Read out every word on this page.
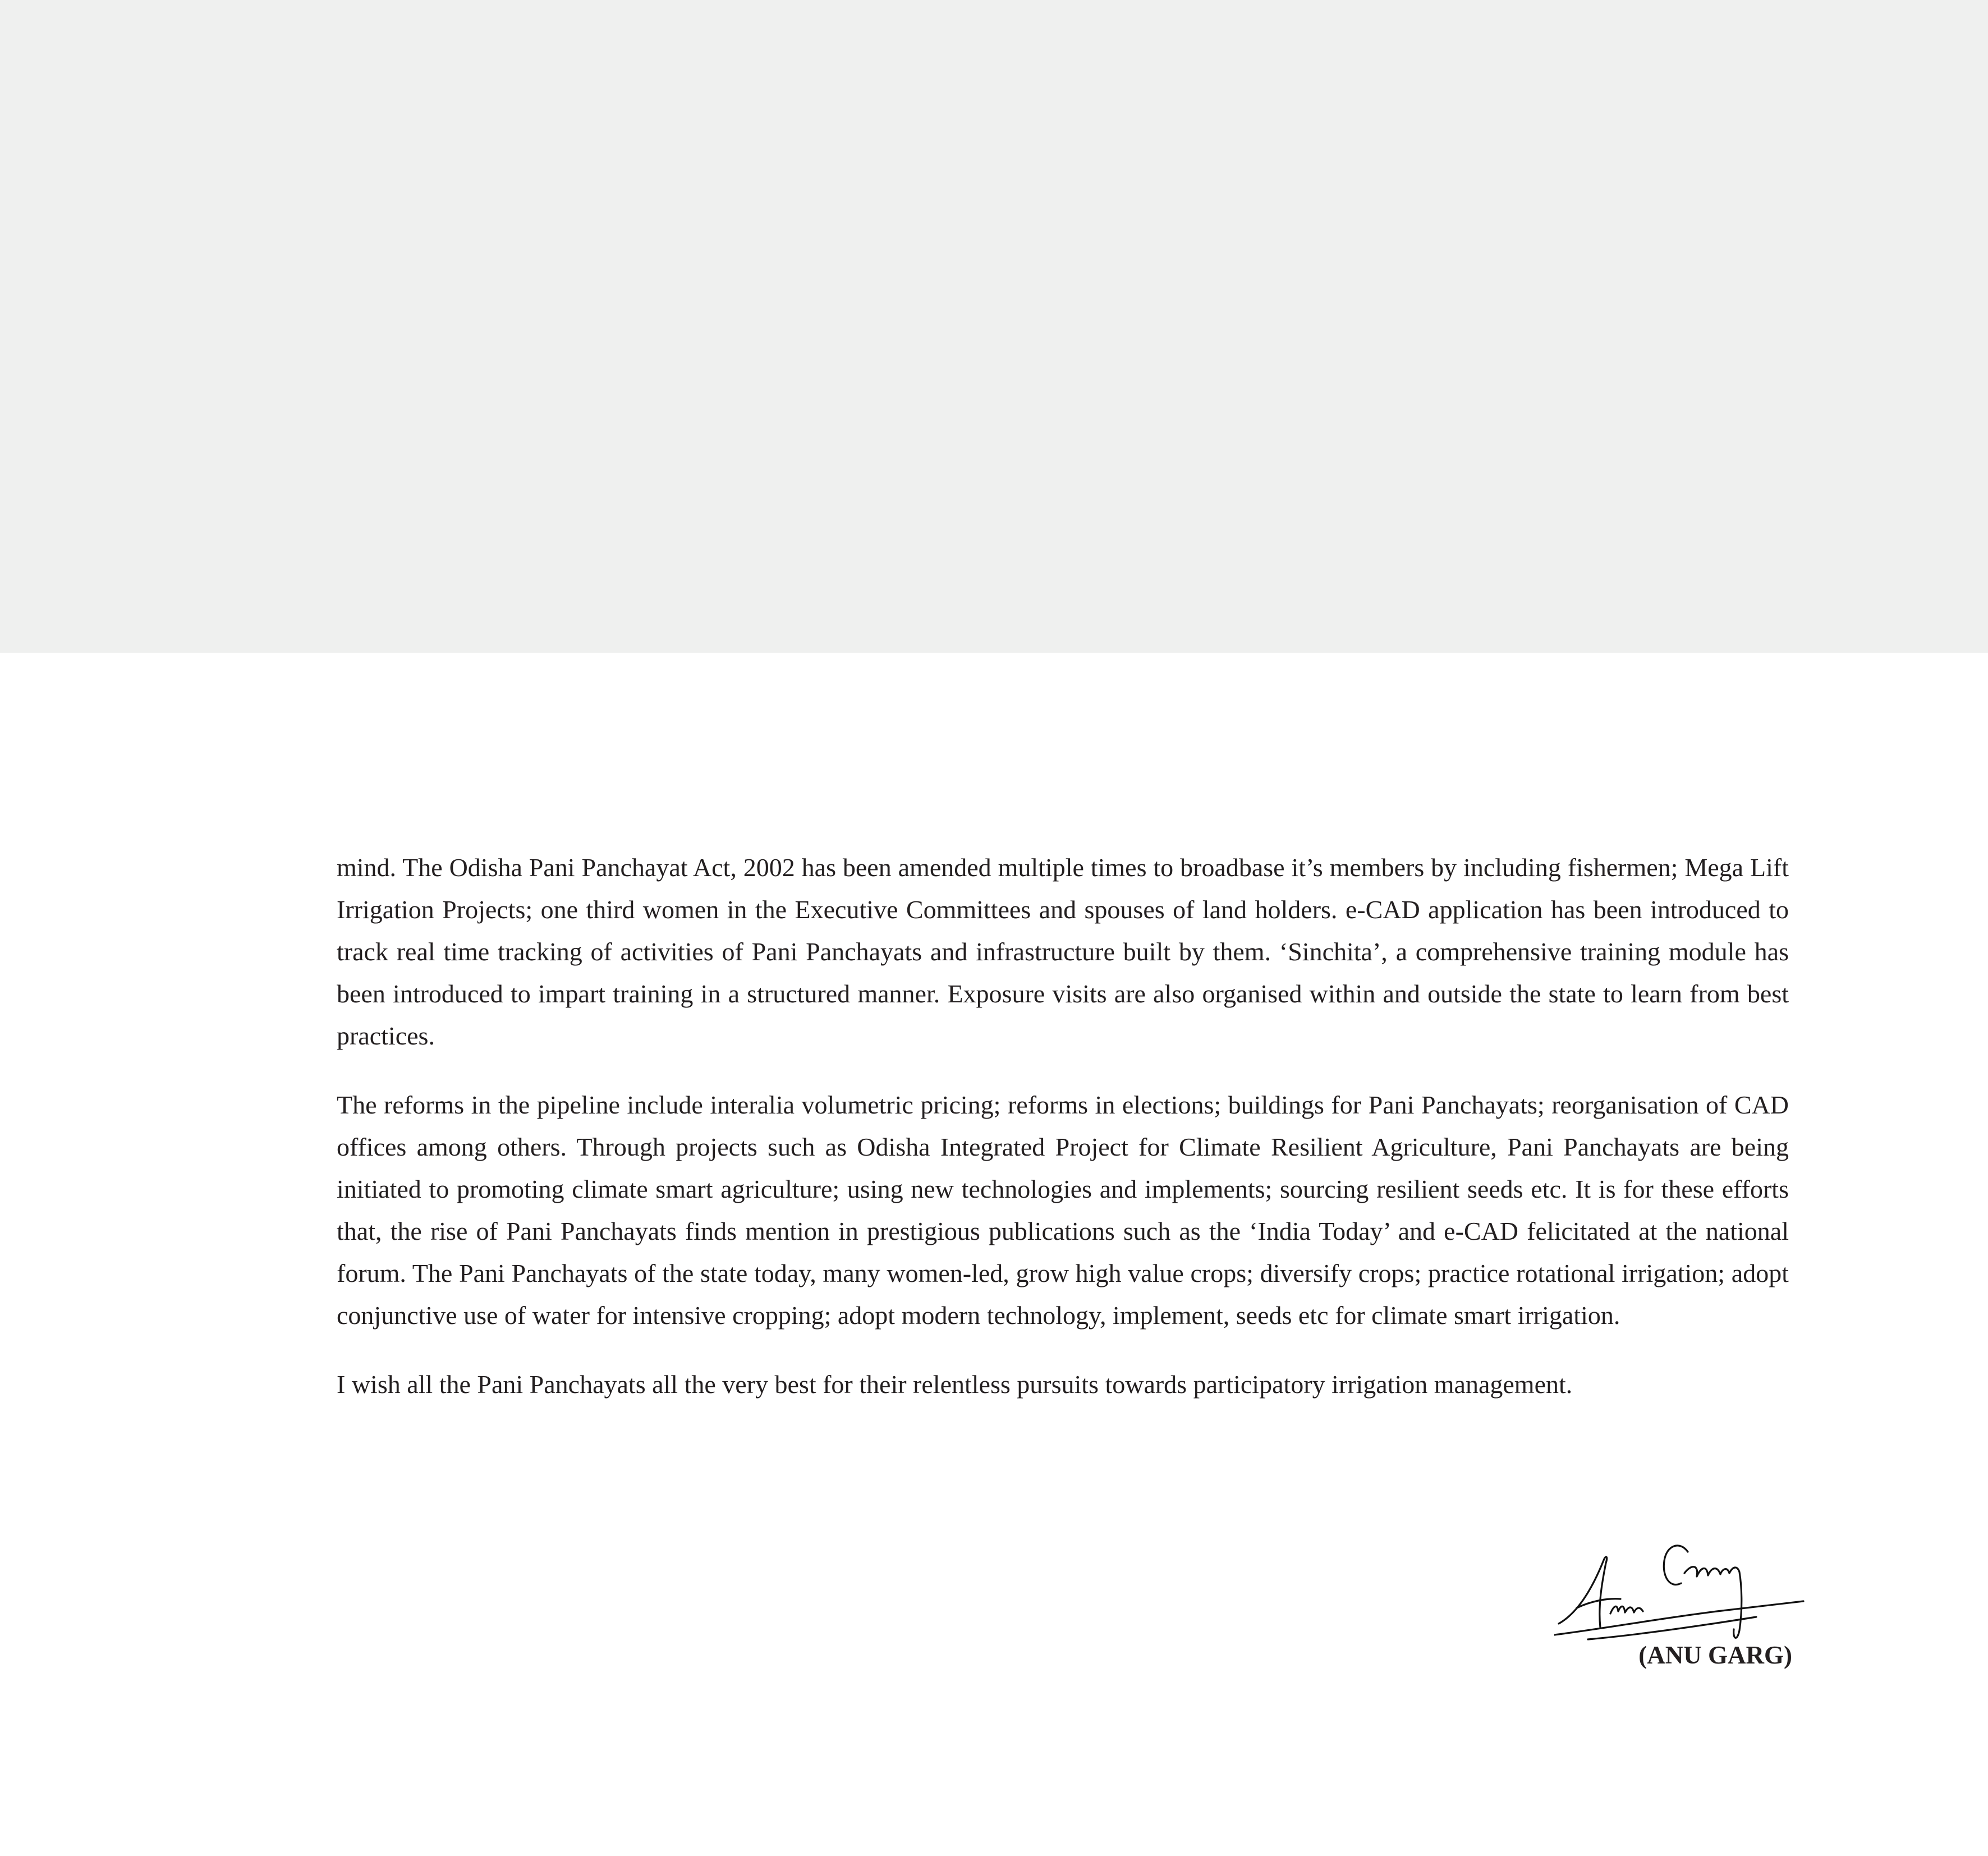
mind. The Odisha Pani Panchayat Act, 2002 has been amended multiple times to broadbase it’s members by including fishermen; Mega Lift Irrigation Projects; one third women in the Executive Committees and spouses of land holders. e-CAD application has been introduced to track real time tracking of activities of Pani Panchayats and infrastructure built by them. ‘Sinchita’, a comprehensive training module has been introduced to impart training in a structured manner. Exposure visits are also organised within and outside the state to learn from best practices.

The reforms in the pipeline include interalia volumetric pricing; reforms in elections; buildings for Pani Panchayats; reorganisation of CAD offices among others. Through projects such as Odisha Integrated Project for Climate Resilient Agriculture, Pani Panchayats are being initiated to promoting climate smart agriculture; using new technologies and implements; sourcing resilient seeds etc. It is for these efforts that, the rise of Pani Panchayats finds mention in prestigious publications such as the ‘India Today’ and e-CAD felicitated at the national forum. The Pani Panchayats of the state today, many women-led, grow high value crops; diversify crops; practice rotational irrigation; adopt conjunctive use of water for intensive cropping; adopt modern technology, implement, seeds etc for climate smart irrigation.

I wish all the Pani Panchayats all the very best for their relentless pursuits towards participatory irrigation management.

(ANU GARG)
